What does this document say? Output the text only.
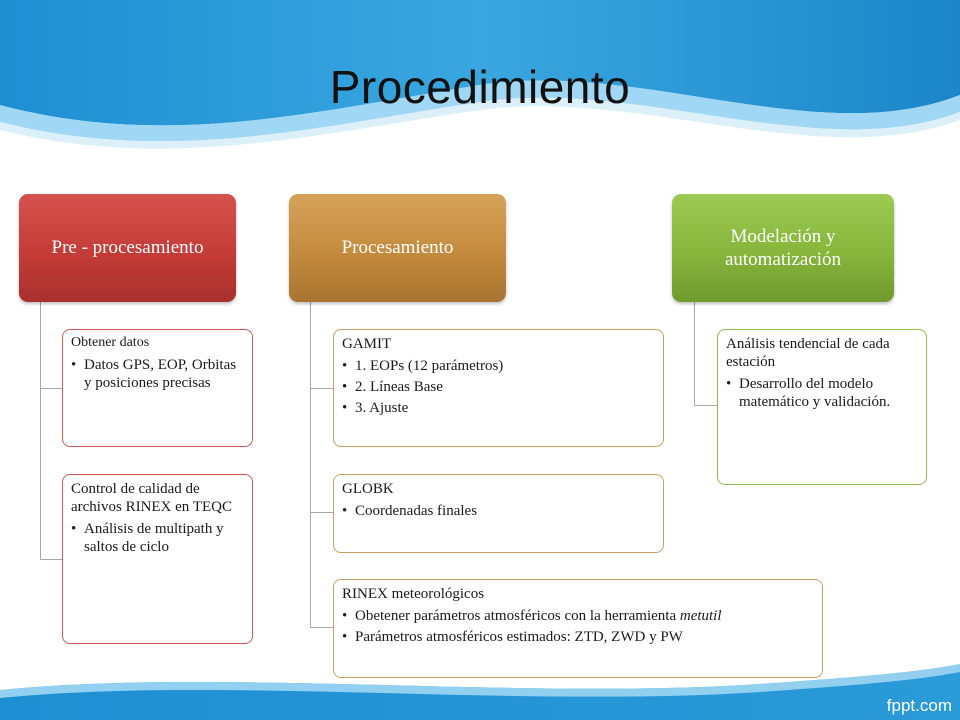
Procedimiento
Pre - procesamiento
Obtener datos
• Datos GPS, EOP, Orbitas y posiciones precisas
Control de calidad de archivos RINEX en TEQC
• Análisis de multipath y saltos de ciclo
Procesamiento
GAMIT
• 1. EOPs (12 parámetros)
• 2. Líneas Base
• 3. Ajuste
GLOBK
• Coordenadas finales
RINEX meteorológicos
• Obetener parámetros atmosféricos con la herramienta metutil
• Parámetros atmosféricos estimados: ZTD, ZWD y PW
Modelación y automatización
Análisis tendencial de cada estación
• Desarrollo del modelo matemático y validación.
fppt.com
